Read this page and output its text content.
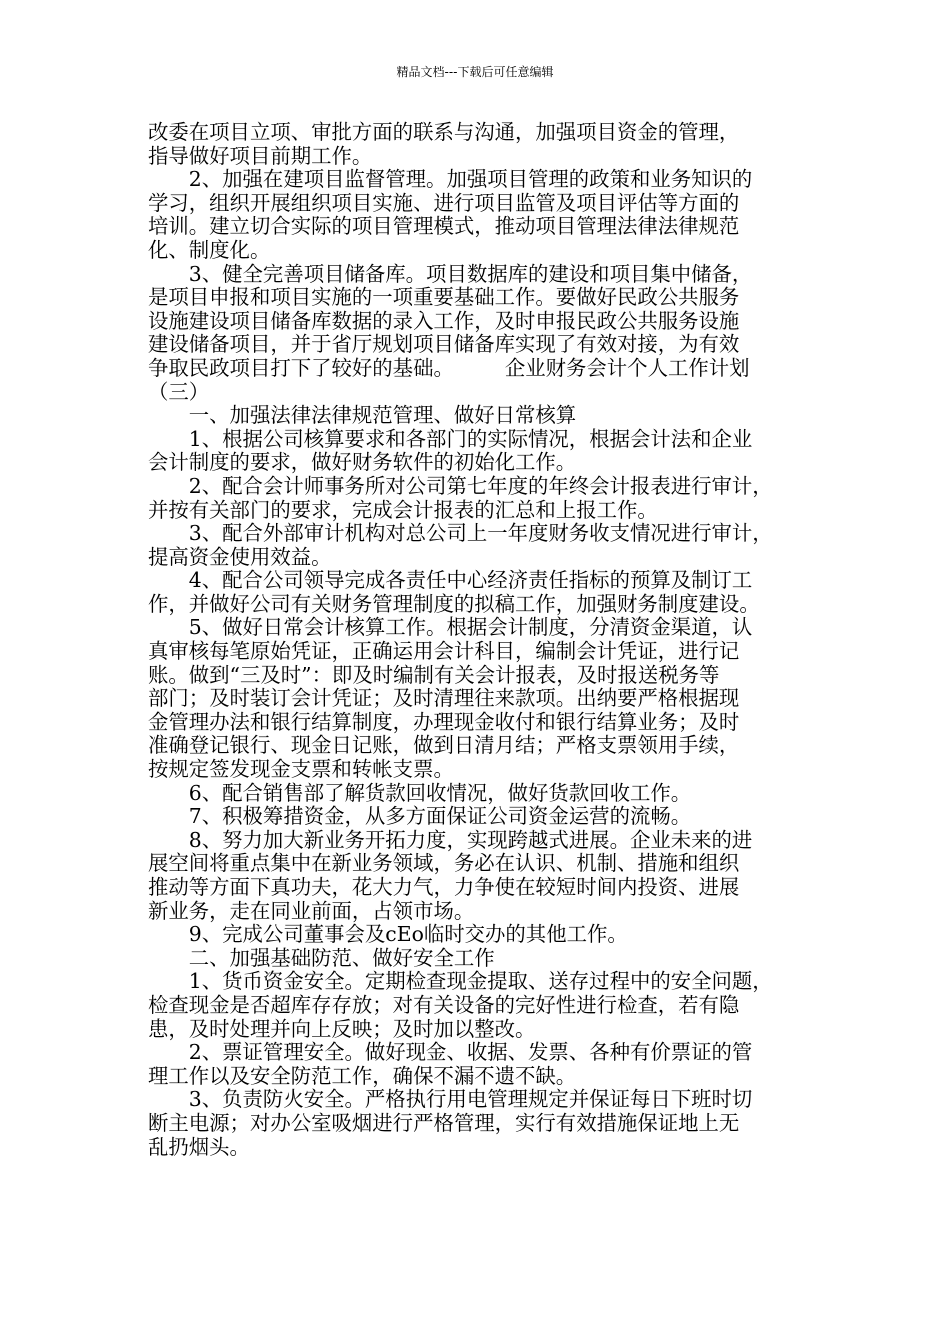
精品文档---下载后可任意编辑
改委在项目立项、审批方面的联系与沟通，加强项目资金的管理，
指导做好项目前期工作。
　　2、加强在建项目监督管理。加强项目管理的政策和业务知识的
学习，组织开展组织项目实施、进行项目监管及项目评估等方面的
培训。建立切合实际的项目管理模式，推动项目管理法律法律规范
化、制度化。
　　3、健全完善项目储备库。项目数据库的建设和项目集中储备，
是项目申报和项目实施的一项重要基础工作。要做好民政公共服务
设施建设项目储备库数据的录入工作，及时申报民政公共服务设施
建设储备项目，并于省厅规划项目储备库实现了有效对接，为有效
争取民政项目打下了较好的基础。　　　企业财务会计个人工作计划
（三）
　　一、加强法律法律规范管理、做好日常核算
　　1、根据公司核算要求和各部门的实际情况，根据会计法和企业
会计制度的要求，做好财务软件的初始化工作。
　　2、配合会计师事务所对公司第七年度的年终会计报表进行审计，
并按有关部门的要求，完成会计报表的汇总和上报工作。
　　3、配合外部审计机构对总公司上一年度财务收支情况进行审计，
提高资金使用效益。
　　4、配合公司领导完成各责任中心经济责任指标的预算及制订工
作，并做好公司有关财务管理制度的拟稿工作，加强财务制度建设。
　　5、做好日常会计核算工作。根据会计制度，分清资金渠道，认
真审核每笔原始凭证，正确运用会计科目，编制会计凭证，进行记
账。做到“三及时”：即及时编制有关会计报表，及时报送税务等
部门；及时装订会计凭证；及时清理往来款项。出纳要严格根据现
金管理办法和银行结算制度，办理现金收付和银行结算业务；及时
准确登记银行、现金日记账，做到日清月结；严格支票领用手续，
按规定签发现金支票和转帐支票。
　　6、配合销售部了解货款回收情况，做好货款回收工作。
　　7、积极筹措资金，从多方面保证公司资金运营的流畅。
　　8、努力加大新业务开拓力度，实现跨越式进展。企业未来的进
展空间将重点集中在新业务领域，务必在认识、机制、措施和组织
推动等方面下真功夫，花大力气，力争使在较短时间内投资、进展
新业务，走在同业前面，占领市场。
　　9、完成公司董事会及cEo临时交办的其他工作。
　　二、加强基础防范、做好安全工作
　　1、货币资金安全。定期检查现金提取、送存过程中的安全问题，
检查现金是否超库存存放；对有关设备的完好性进行检查，若有隐
患，及时处理并向上反映；及时加以整改。
　　2、票证管理安全。做好现金、收据、发票、各种有价票证的管
理工作以及安全防范工作，确保不漏不遗不缺。
　　3、负责防火安全。严格执行用电管理规定并保证每日下班时切
断主电源；对办公室吸烟进行严格管理，实行有效措施保证地上无
乱扔烟头。
